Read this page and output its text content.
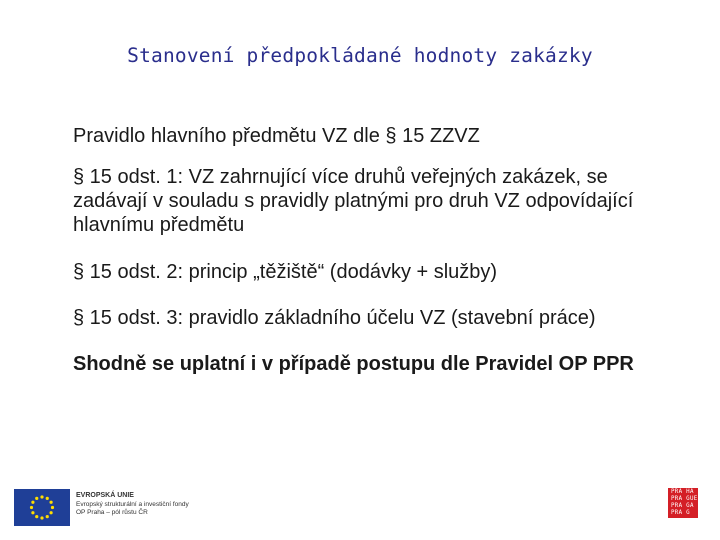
Stanovení předpokládané hodnoty zakázky

Pravidlo hlavního předmětu VZ dle § 15 ZZVZ

§ 15 odst. 1: VZ zahrnující více druhů veřejných zakázek, se zadávají v souladu s pravidly platnými pro druh VZ odpovídající hlavnímu předmětu

§ 15 odst. 2: princip „těžiště“ (dodávky + služby)

§ 15 odst. 3: pravidlo základního účelu VZ (stavební práce)

Shodně se uplatní i v případě postupu dle Pravidel OP PPR

EVROPSKÁ UNIE
Evropský strukturální a investiční fondy
OP Praha – pól růstu ČR
PRA HA
PRA GUE
PRA GA
PRA G
